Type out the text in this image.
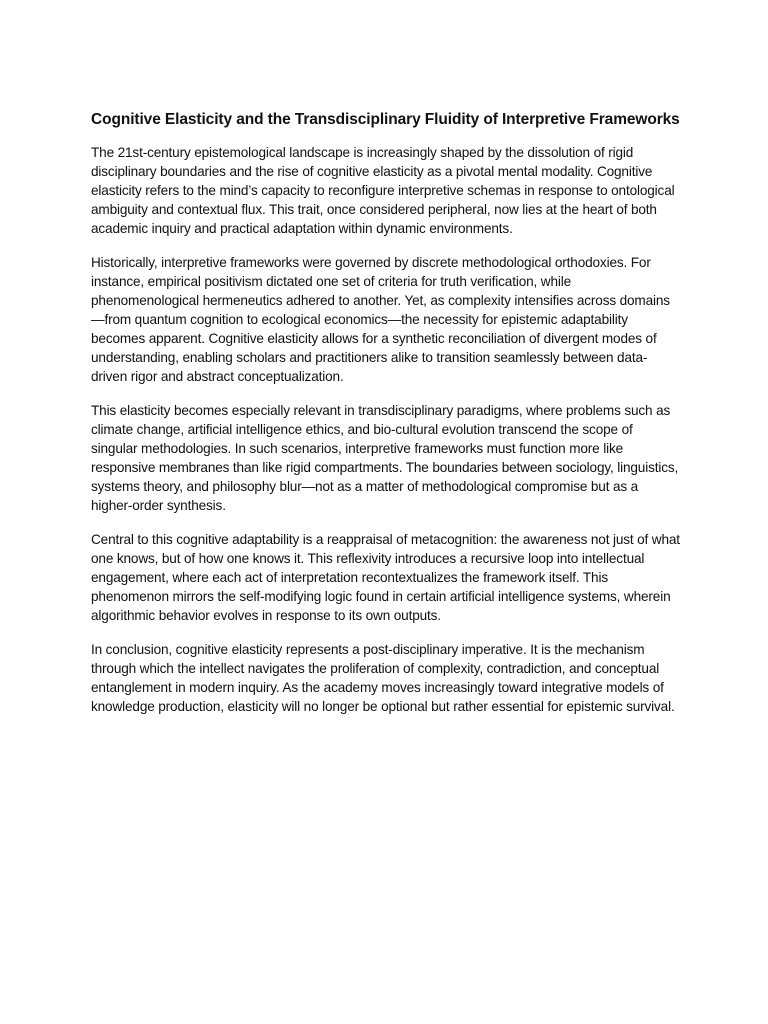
Cognitive Elasticity and the Transdisciplinary Fluidity of Interpretive Frameworks

The 21st-century epistemological landscape is increasingly shaped by the dissolution of rigid disciplinary boundaries and the rise of cognitive elasticity as a pivotal mental modality. Cognitive elasticity refers to the mind’s capacity to reconfigure interpretive schemas in response to ontological ambiguity and contextual flux. This trait, once considered peripheral, now lies at the heart of both academic inquiry and practical adaptation within dynamic environments.

Historically, interpretive frameworks were governed by discrete methodological orthodoxies. For instance, empirical positivism dictated one set of criteria for truth verification, while phenomenological hermeneutics adhered to another. Yet, as complexity intensifies across domains—from quantum cognition to ecological economics—the necessity for epistemic adaptability becomes apparent. Cognitive elasticity allows for a synthetic reconciliation of divergent modes of understanding, enabling scholars and practitioners alike to transition seamlessly between data-driven rigor and abstract conceptualization.

This elasticity becomes especially relevant in transdisciplinary paradigms, where problems such as climate change, artificial intelligence ethics, and bio-cultural evolution transcend the scope of singular methodologies. In such scenarios, interpretive frameworks must function more like responsive membranes than like rigid compartments. The boundaries between sociology, linguistics, systems theory, and philosophy blur—not as a matter of methodological compromise but as a higher-order synthesis.

Central to this cognitive adaptability is a reappraisal of metacognition: the awareness not just of what one knows, but of how one knows it. This reflexivity introduces a recursive loop into intellectual engagement, where each act of interpretation recontextualizes the framework itself. This phenomenon mirrors the self-modifying logic found in certain artificial intelligence systems, wherein algorithmic behavior evolves in response to its own outputs.

In conclusion, cognitive elasticity represents a post-disciplinary imperative. It is the mechanism through which the intellect navigates the proliferation of complexity, contradiction, and conceptual entanglement in modern inquiry. As the academy moves increasingly toward integrative models of knowledge production, elasticity will no longer be optional but rather essential for epistemic survival.
